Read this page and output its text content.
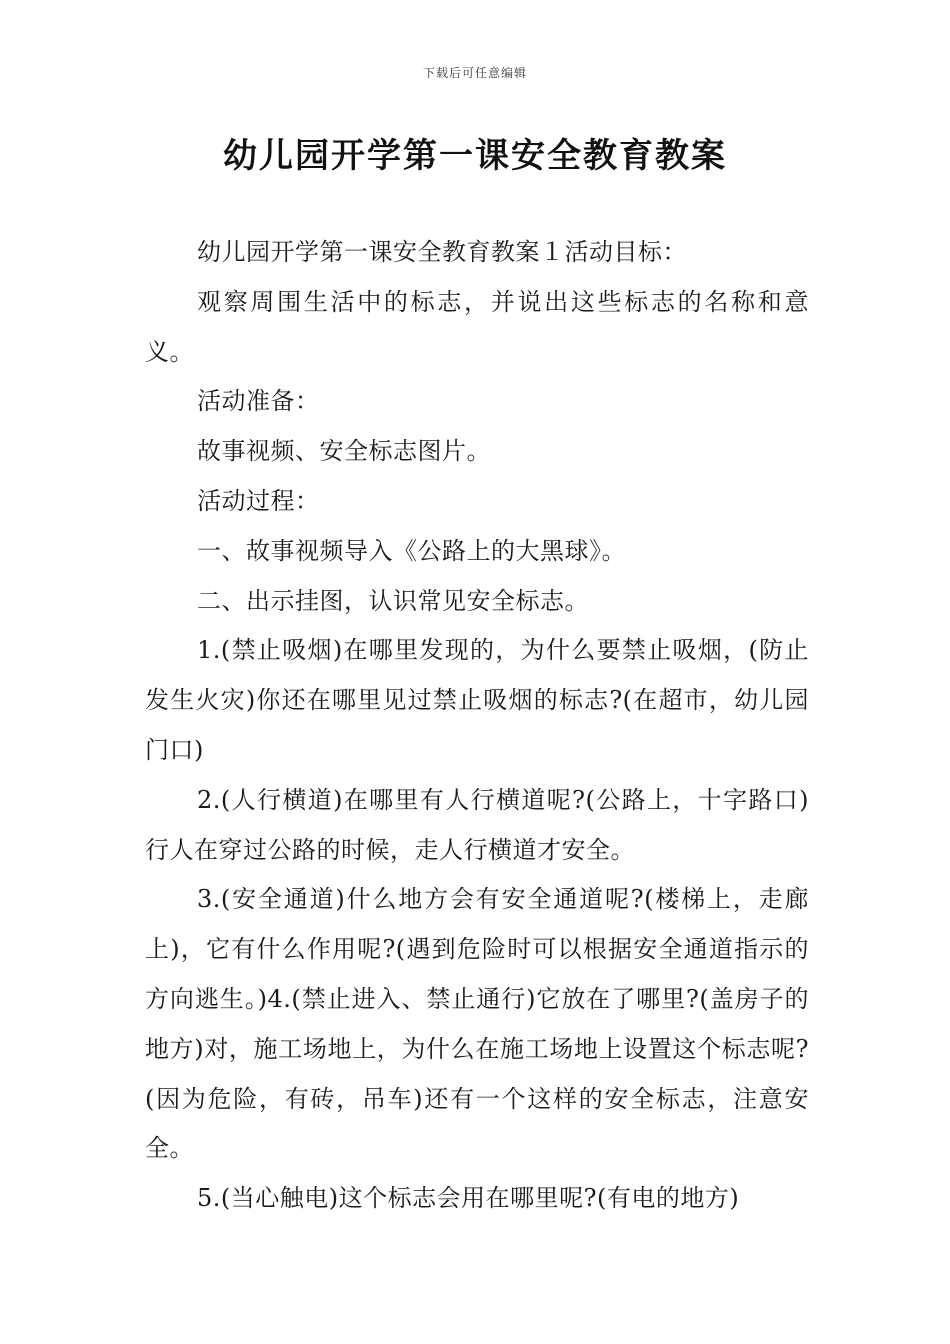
下载后可任意编辑
幼儿园开学第一课安全教育教案

幼儿园开学第一课安全教育教案１活动目标：

观察周围生活中的标志，并说出这些标志的名称和意义。

活动准备：

故事视频、安全标志图片。

活动过程：

一、故事视频导入《公路上的大黑球》。

二、出示挂图，认识常见安全标志。

1.(禁止吸烟)在哪里发现的，为什么要禁止吸烟，(防止发生火灾)你还在哪里见过禁止吸烟的标志?(在超市，幼儿园门口)

2.(人行横道)在哪里有人行横道呢?(公路上，十字路口)行人在穿过公路的时候，走人行横道才安全。

3.(安全通道)什么地方会有安全通道呢?(楼梯上，走廊上)，它有什么作用呢?(遇到危险时可以根据安全通道指示的方向逃生。)4.(禁止进入、禁止通行)它放在了哪里?(盖房子的地方)对，施工场地上，为什么在施工场地上设置这个标志呢?(因为危险，有砖，吊车)还有一个这样的安全标志，注意安全。

5.(当心触电)这个标志会用在哪里呢?(有电的地方)
